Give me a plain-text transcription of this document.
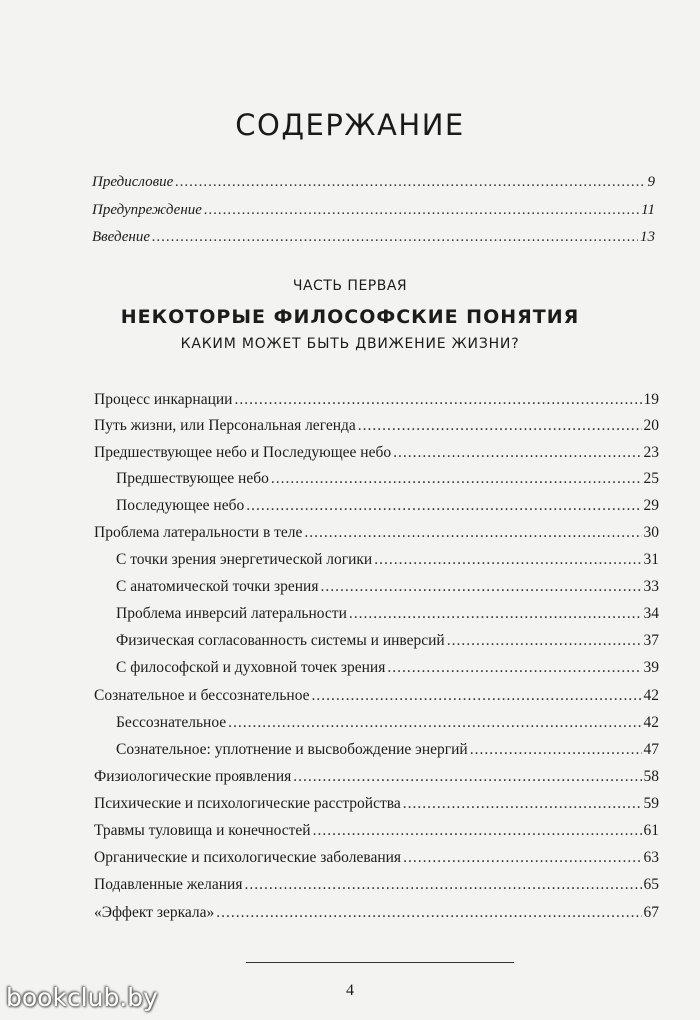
СОДЕРЖАНИЕ
Предисловие .....	9
Предупреждение .....	11
Введение .....	13
ЧАСТЬ ПЕРВАЯ
НЕКОТОРЫЕ ФИЛОСОФСКИЕ ПОНЯТИЯ
КАКИМ МОЖЕТ БЫТЬ ДВИЖЕНИЕ ЖИЗНИ?
Процесс инкарнации .....	19
Путь жизни, или Персональная легенда .....	20
Предшествующее небо и Последующее небо .....	23
Предшествующее небо .....	25
Последующее небо .....	29
Проблема латеральности в теле .....	30
С точки зрения энергетической логики .....	31
С анатомической точки зрения .....	33
Проблема инверсий латеральности .....	34
Физическая согласованность системы и инверсий .....	37
С философской и духовной точек зрения .....	39
Сознательное и бессознательное .....	42
Бессознательное .....	42
Сознательное: уплотнение и высвобождение энергий .....	47
Физиологические проявления .....	58
Психические и психологические расстройства .....	59
Травмы туловища и конечностей .....	61
Органические и психологические заболевания .....	63
Подавленные желания .....	65
«Эффект зеркала» .....	67
4
bookclub.by
